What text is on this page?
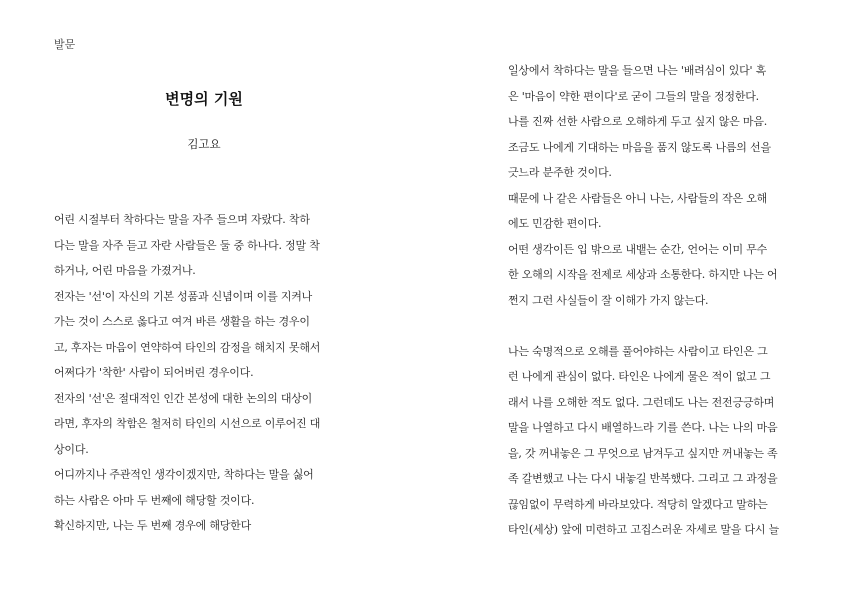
발문
변명의 기원
김고요
어린 시절부터 착하다는 말을 자주 들으며 자랐다. 착하
다는 말을 자주 듣고 자란 사람들은 둘 중 하나다. 정말 착
하거나, 어린 마음을 가졌거나.
전자는 '선'이 자신의 기본 성품과 신념이며 이를 지켜나
가는 것이 스스로 옳다고 여겨 바른 생활을 하는 경우이
고, 후자는 마음이 연약하여 타인의 감정을 해치지 못해서
어쩌다가 '착한' 사람이 되어버린 경우이다.
전자의 '선'은 절대적인 인간 본성에 대한 논의의 대상이
라면, 후자의 착함은 철저히 타인의 시선으로 이루어진 대
상이다.
어디까지나 주관적인 생각이겠지만, 착하다는 말을 싫어
하는 사람은 아마 두 번째에 해당할 것이다.
확신하지만, 나는 두 번째 경우에 해당한다
일상에서 착하다는 말을 들으면 나는 '배려심이 있다' 혹
은 '마음이 약한 편이다'로 굳이 그들의 말을 정정한다.
나를 진짜 선한 사람으로 오해하게 두고 싶지 않은 마음.
조금도 나에게 기대하는 마음을 품지 않도록 나름의 선을
긋느라 분주한 것이다.
때문에 나 같은 사람들은 아니 나는, 사람들의 작은 오해
에도 민감한 편이다.
어떤 생각이든 입 밖으로 내뱉는 순간, 언어는 이미 무수
한 오해의 시작을 전제로 세상과 소통한다. 하지만 나는 어
쩐지 그런 사실들이 잘 이해가 가지 않는다.
나는 숙명적으로 오해를 풀어야하는 사람이고 타인은 그
런 나에게 관심이 없다. 타인은 나에게 물은 적이 없고 그
래서 나를 오해한 적도 없다. 그런데도 나는 전전긍긍하며
말을 나열하고 다시 배열하느라 기를 쓴다. 나는 나의 마음
을, 갓 꺼내놓은 그 무엇으로 남겨두고 싶지만 꺼내놓는 족
족 갈변했고 나는 다시 내놓길 반복했다. 그리고 그 과정을
끊임없이 무력하게 바라보았다. 적당히 알겠다고 말하는
타인(세상) 앞에 미련하고 고집스러운 자세로 말을 다시 늘
